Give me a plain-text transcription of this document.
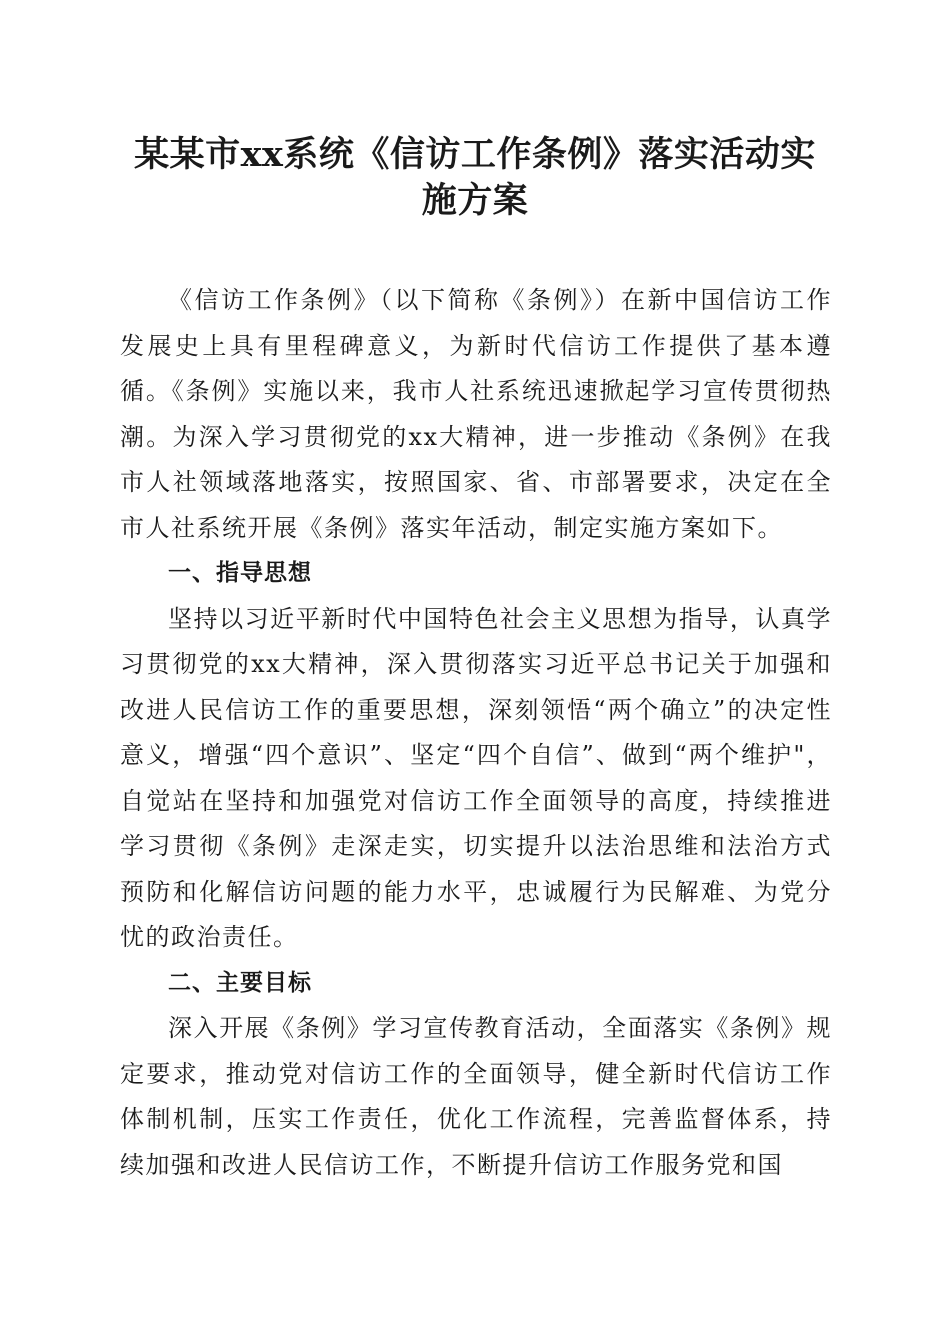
某某市xx系统《信访工作条例》落实活动实
施方案

《信访工作条例》（以下简称《条例》）在新中国信访工作发展史上具有里程碑意义，为新时代信访工作提供了基本遵循。《条例》实施以来，我市人社系统迅速掀起学习宣传贯彻热潮。为深入学习贯彻党的xx大精神，进一步推动《条例》在我市人社领域落地落实，按照国家、省、市部署要求，决定在全市人社系统开展《条例》落实年活动，制定实施方案如下。

一、指导思想

坚持以习近平新时代中国特色社会主义思想为指导，认真学习贯彻党的xx大精神，深入贯彻落实习近平总书记关于加强和改进人民信访工作的重要思想，深刻领悟“两个确立”的决定性意义，增强“四个意识”、坚定“四个自信”、做到“两个维护"，自觉站在坚持和加强党对信访工作全面领导的高度，持续推进学习贯彻《条例》走深走实，切实提升以法治思维和法治方式预防和化解信访问题的能力水平，忠诚履行为民解难、为党分忧的政治责任。

二、主要目标

深入开展《条例》学习宣传教育活动，全面落实《条例》规定要求，推动党对信访工作的全面领导，健全新时代信访工作体制机制，压实工作责任，优化工作流程，完善监督体系，持续加强和改进人民信访工作，不断提升信访工作服务党和国
